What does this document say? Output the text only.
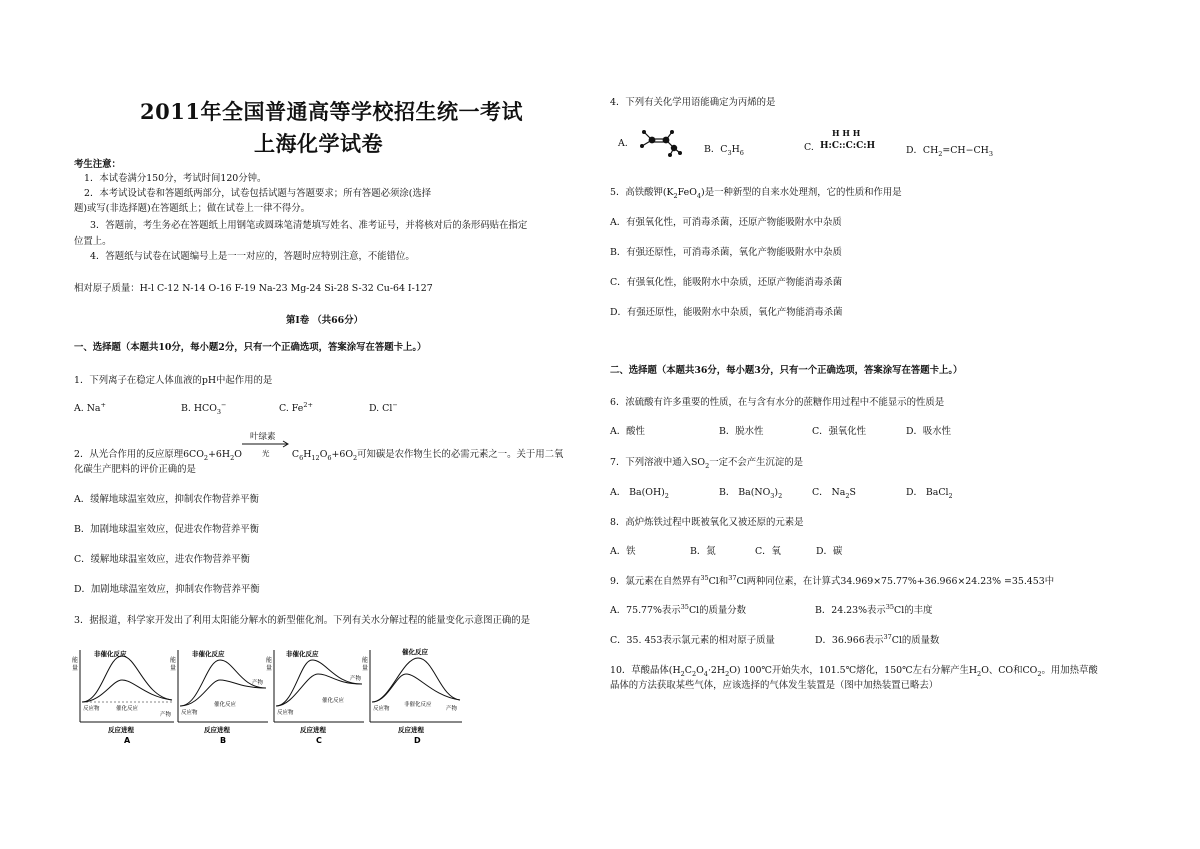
2011年全国普通高等学校招生统一考试
上海化学试卷
考生注意：
1．本试卷满分150分，考试时间120分钟。
2．本考试设试卷和答题纸两部分，试卷包括试题与答题要求；所有答题必须涂(选择
题)或写(非选择题)在答题纸上；做在试卷上一律不得分。
3．答题前，考生务必在答题纸上用钢笔或圆珠笔清楚填写姓名、准考证号，并将核对后的条形码贴在指定
位置上。
4．答题纸与试卷在试题编号上是一一对应的，答题时应特别注意，不能错位。
相对原子质量：H-l C-12 N-14 O-16 F-19 Na-23 Mg-24 Si-28 S-32 Cu-64 I-127
第I卷 （共66分）
一、选择题（本题共10分，每小题2分，只有一个正确选项，答案涂写在答题卡上。）
1．下列离子在稳定人体血液的pH中起作用的是
A. Na+	B. $HCO_3^-$	C. $Fe^{2+}$	D. Cl−
2．从光合作用的反应原理$6CO_2+6H_2O$	$C_6H_{12}O_6+6O_2$可知碳是农作物生长的必需元素之一。关于用二氧
叶绿素
光
化碳生产肥料的评价正确的是
A．缓解地球温室效应，抑制农作物营养平衡
B．加剧地球温室效应，促进农作物营养平衡
C．缓解地球温室效应，进农作物营养平衡
D．加剧地球温室效应，抑制农作物营养平衡
3．据报道，科学家开发出了利用太阳能分解水的新型催化剂。下列有关水分解过程的能量变化示意图正确的是
能
量
非催化反应
反应物	催化反应
产物
反应进程
A
能
量
非催化反应
反应物
催化反应
产物
反应进程
B
能
量
非催化反应
反应物
催化反应
产物
反应进程
C
能
量
催化反应
反应物
非催化反应
产物
反应进程
D
4．下列有关化学用语能确定为丙烯的是
A.
B．$C_3H_6$	C.
H H H
H:C::C:C:H	D．$CH_2=CH-CH_3$
5．高铁酸钾$(K_2FeO_4)$是一种新型的自来水处理剂，它的性质和作用是
A．有强氧化性，可消毒杀菌，还原产物能吸附水中杂质
B．有强还原性，可消毒杀菌，氧化产物能吸附水中杂质
C．有强氧化性，能吸附水中杂质，还原产物能消毒杀菌
D．有强还原性，能吸附水中杂质，氧化产物能消毒杀菌
二、选择题（本题共36分，每小题3分，只有一个正确选项，答案涂写在答题卡上。）
6．浓硫酸有许多重要的性质，在与含有水分的蔗糖作用过程中不能显示的性质是
A．酸性	B．脱水性	C．强氧化性	D．吸水性
7．下列溶液中通入$SO_2$一定不会产生沉淀的是
A． $Ba(OH)_2$	B． $Ba(NO_3)_2$	C． $Na_2S$	D． BaCl$_2$
8．高炉炼铁过程中既被氧化又被还原的元素是
A．铁	B．氮	C．氧	D．碳
9．氯元素在自然界有$^{35}$Cl和$^{37}$Cl两种同位素，在计算式34.969×75.77%+36.966×24.23% =35.453中
A．75.77%表示$^{35}$Cl的质量分数	B．24.23%表示$^{35}$Cl的丰度
C．35. 453表示氯元素的相对原子质量	D．36.966表示$^{37}$Cl的质量数
10．草酸晶体$(H_2C_2O_4\cdot 2H_2O)$ 100℃开始失水，101.5℃熔化，150℃左右分解产生$H_2O$、CO和$CO_2$。用加热草酸
晶体的方法获取某些气体，应该选择的气体发生装置是（图中加热装置已略去）
